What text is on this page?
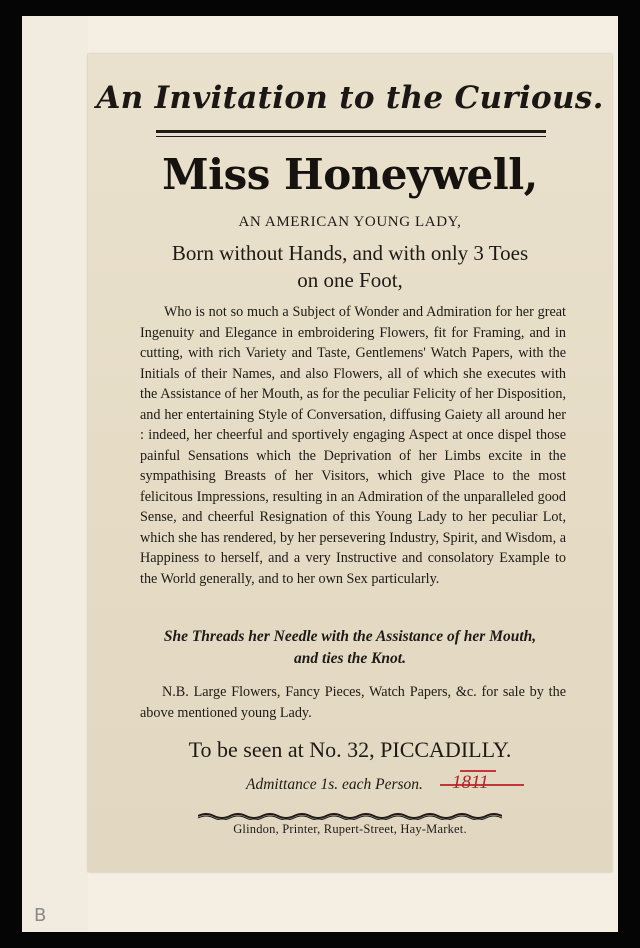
B
An Invitation to the Curious.
Miss Honeywell,
AN AMERICAN YOUNG LADY,
Born without Hands, and with only 3 Toes
on one Foot,
Who is not so much a Subject of Wonder and Admiration for her great Ingenuity and Elegance in embroidering Flowers, fit for Framing, and in cutting, with rich Variety and Taste, Gentlemens' Watch Papers, with the Initials of their Names, and also Flowers, all of which she executes with the Assistance of her Mouth, as for the peculiar Felicity of her Disposition, and her entertaining Style of Conversation, diffusing Gaiety all around her : indeed, her cheerful and sportively engaging Aspect at once dispel those painful Sensations which the Deprivation of her Limbs excite in the sympathising Breasts of her Visitors, which give Place to the most felicitous Impressions, resulting in an Admiration of the unparalleled good Sense, and cheerful Resignation of this Young Lady to her peculiar Lot, which she has rendered, by her persevering Industry, Spirit, and Wisdom, a Happiness to herself, and a very Instructive and consolatory Example to the World generally, and to her own Sex particularly.
She Threads her Needle with the Assistance of her Mouth,
and ties the Knot.
N.B. Large Flowers, Fancy Pieces, Watch Papers, &c. for sale by the above mentioned young Lady.
To be seen at No. 32, PICCADILLY.
Admittance 1s. each Person. 1811
Glindon, Printer, Rupert-Street, Hay-Market.
